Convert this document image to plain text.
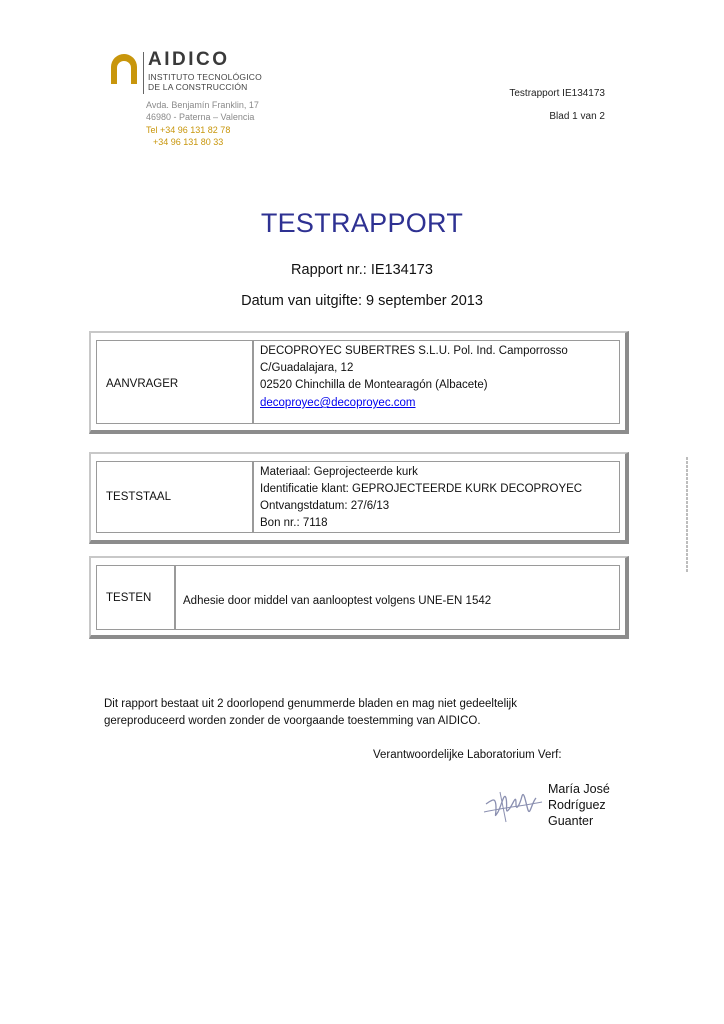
AIDICO
INSTITUTO TECNOLÓGICO
DE LA CONSTRUCCIÓN
Avda. Benjamín Franklin, 17
46980 - Paterna – Valencia
Tel +34 96 131 82 78
+34 96 131 80 33
Testrapport IE134173
Blad 1 van 2
TESTRAPPORT
Rapport nr.: IE134173
Datum van uitgifte: 9 september 2013
AANVRAGER
DECOPROYEC SUBERTRES S.L.U. Pol. Ind. Camporrosso
C/Guadalajara, 12
02520 Chinchilla de Montearagón (Albacete)
decoproyec@decoproyec.com
TESTSTAAL
Materiaal: Geprojecteerde kurk
Identificatie klant: GEPROJECTEERDE KURK DECOPROYEC
Ontvangstdatum: 27/6/13
Bon nr.: 7118
TESTEN	Adhesie door middel van aanlooptest volgens UNE-EN 1542
Dit rapport bestaat uit 2 doorlopend genummerde bladen en mag niet gedeeltelijk
gereproduceerd worden zonder de voorgaande toestemming van AIDICO.
Verantwoordelijke Laboratorium Verf:
María José
Rodríguez
Guanter
